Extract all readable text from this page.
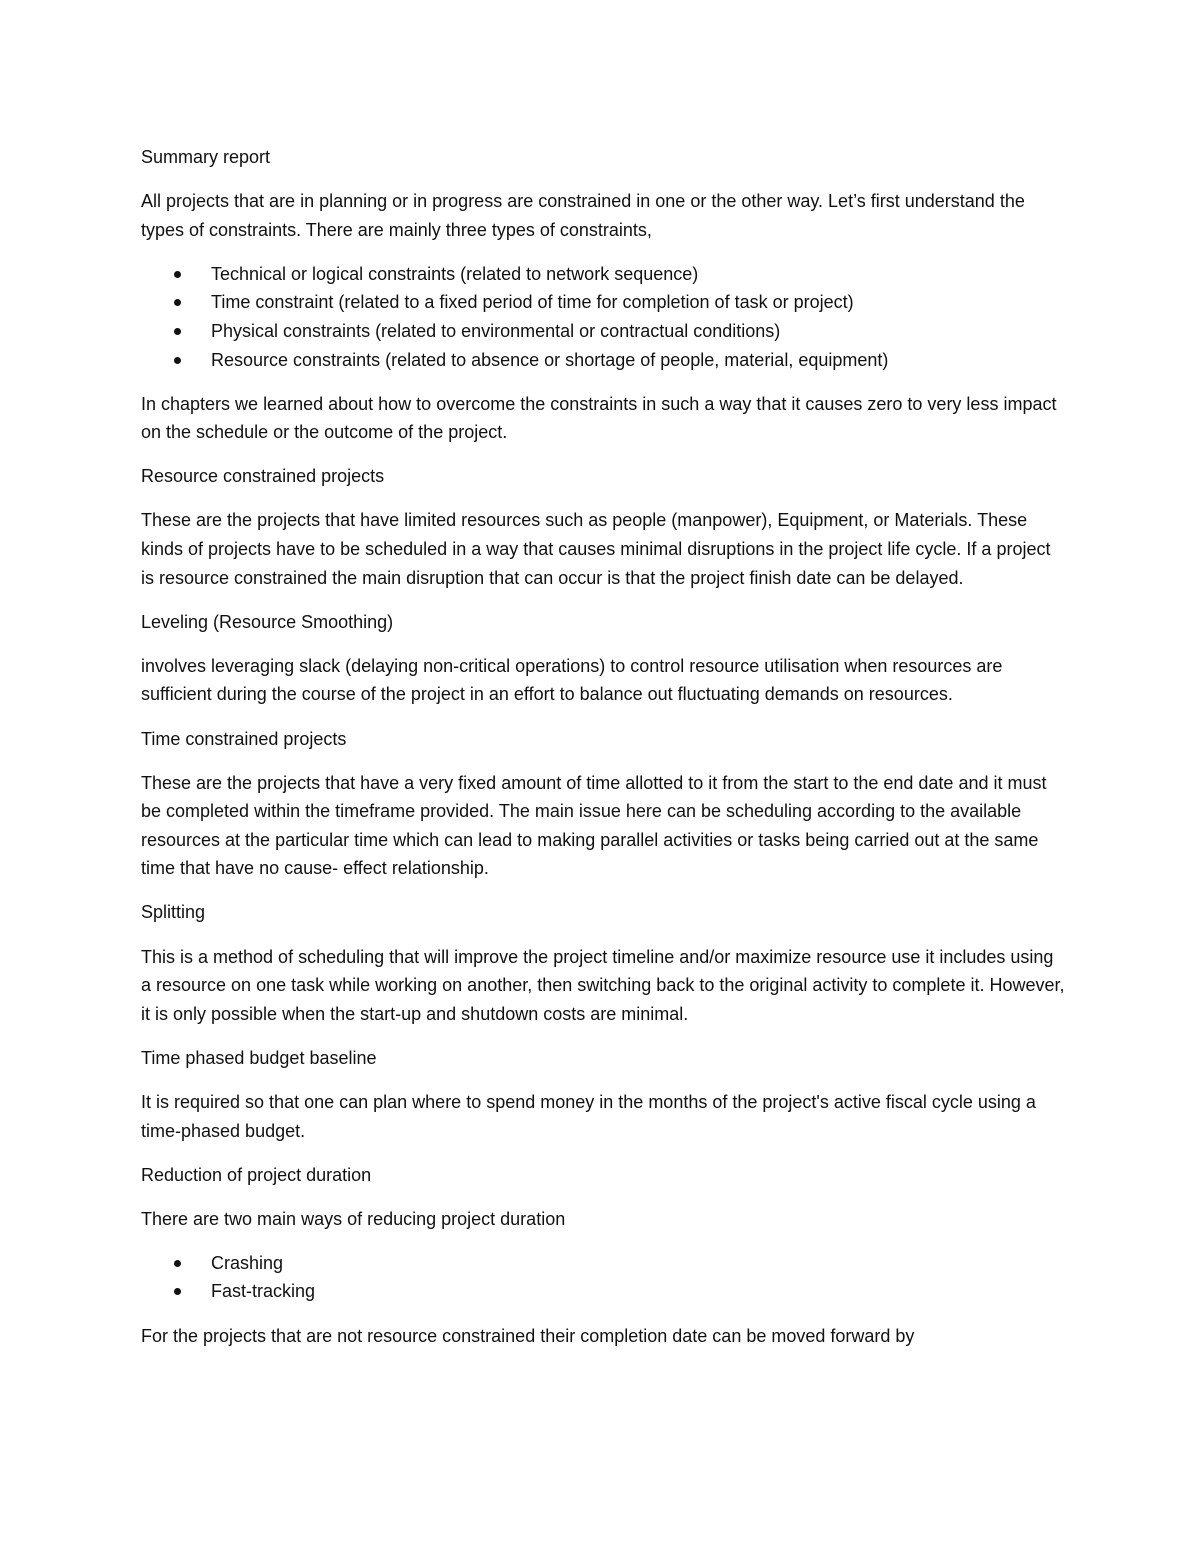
Summary report

All projects that are in planning or in progress are constrained in one or the other way. Let’s first understand the types of constraints. There are mainly three types of constraints,

Technical or logical constraints (related to network sequence)
Time constraint (related to a fixed period of time for completion of task or project)
Physical constraints (related to environmental or contractual conditions)
Resource constraints (related to absence or shortage of people, material, equipment)

In chapters we learned about how to overcome the constraints in such a way that it causes zero to very less impact on the schedule or the outcome of the project.

Resource constrained projects

These are the projects that have limited resources such as people (manpower), Equipment, or Materials. These kinds of projects have to be scheduled in a way that causes minimal disruptions in the project life cycle. If a project is resource constrained the main disruption that can occur is that the project finish date can be delayed.

Leveling (Resource Smoothing)

involves leveraging slack (delaying non-critical operations) to control resource utilisation when resources are sufficient during the course of the project in an effort to balance out fluctuating demands on resources.

Time constrained projects

These are the projects that have a very fixed amount of time allotted to it from the start to the end date and it must be completed within the timeframe provided. The main issue here can be scheduling according to the available resources at the particular time which can lead to making parallel activities or tasks being carried out at the same time that have no cause- effect relationship.

Splitting

This is a method of scheduling that will improve the project timeline and/or maximize resource use it includes using a resource on one task while working on another, then switching back to the original activity to complete it. However, it is only possible when the start-up and shutdown costs are minimal.

Time phased budget baseline

It is required so that one can plan where to spend money in the months of the project's active fiscal cycle using a time-phased budget.

Reduction of project duration

There are two main ways of reducing project duration

Crashing
Fast-tracking

For the projects that are not resource constrained their completion date can be moved forward by
